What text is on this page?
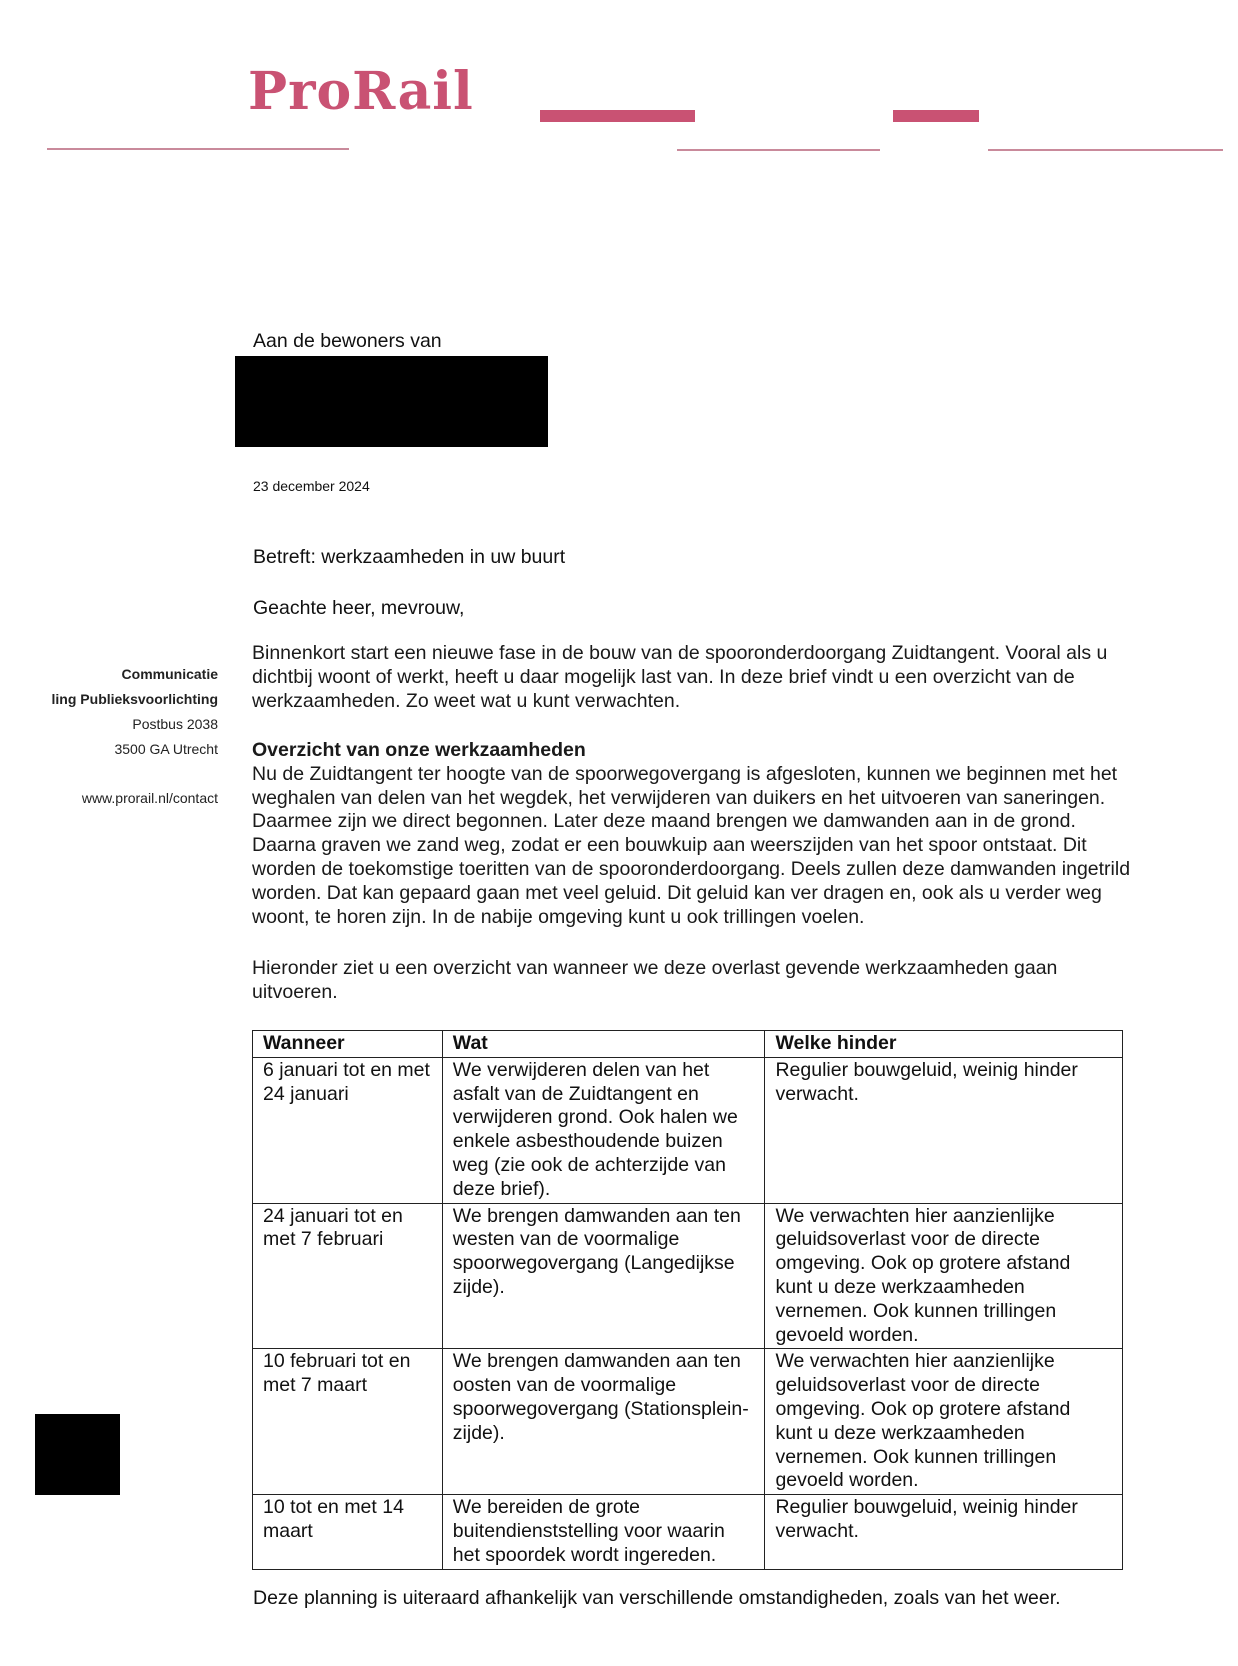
ProRail
Aan de bewoners van
23 december 2024
Betreft: werkzaamheden in uw buurt
Geachte heer, mevrouw,
Communicatie
ling Publieksvoorlichting
Postbus 2038
3500 GA Utrecht
www.prorail.nl/contact
Binnenkort start een nieuwe fase in de bouw van de spooronderdoorgang Zuidtangent. Vooral als u dichtbij woont of werkt, heeft u daar mogelijk last van. In deze brief vindt u een overzicht van de werkzaamheden. Zo weet wat u kunt verwachten.
Overzicht van onze werkzaamheden
Nu de Zuidtangent ter hoogte van de spoorwegovergang is afgesloten, kunnen we beginnen met het weghalen van delen van het wegdek, het verwijderen van duikers en het uitvoeren van saneringen. Daarmee zijn we direct begonnen. Later deze maand brengen we damwanden aan in de grond. Daarna graven we zand weg, zodat er een bouwkuip aan weerszijden van het spoor ontstaat. Dit worden de toekomstige toeritten van de spooronderdoorgang. Deels zullen deze damwanden ingetrild worden. Dat kan gepaard gaan met veel geluid. Dit geluid kan ver dragen en, ook als u verder weg woont, te horen zijn. In de nabije omgeving kunt u ook trillingen voelen.
Hieronder ziet u een overzicht van wanneer we deze overlast gevende werkzaamheden gaan uitvoeren.
Wanneer	Wat	Welke hinder
6 januari tot en met 24 januari	We verwijderen delen van het asfalt van de Zuidtangent en verwijderen grond. Ook halen we enkele asbesthoudende buizen weg (zie ook de achterzijde van deze brief).	Regulier bouwgeluid, weinig hinder verwacht.
24 januari tot en met 7 februari	We brengen damwanden aan ten westen van de voormalige spoorwegovergang (Langedijkse zijde).	We verwachten hier aanzienlijke geluidsoverlast voor de directe omgeving. Ook op grotere afstand kunt u deze werkzaamheden vernemen. Ook kunnen trillingen gevoeld worden.
10 februari tot en met 7 maart	We brengen damwanden aan ten oosten van de voormalige spoorwegovergang (Stationsplein-zijde).	We verwachten hier aanzienlijke geluidsoverlast voor de directe omgeving. Ook op grotere afstand kunt u deze werkzaamheden vernemen. Ook kunnen trillingen gevoeld worden.
10 tot en met 14 maart	We bereiden de grote buitendienststelling voor waarin het spoordek wordt ingereden.	Regulier bouwgeluid, weinig hinder verwacht.
Deze planning is uiteraard afhankelijk van verschillende omstandigheden, zoals van het weer.
